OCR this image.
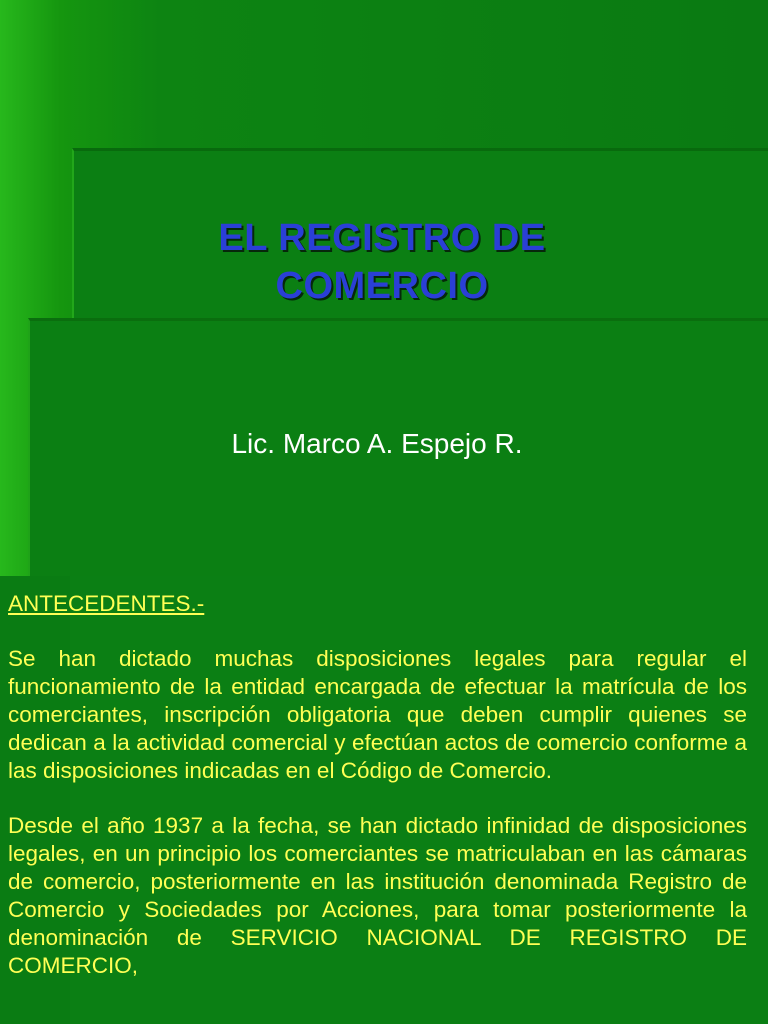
EL REGISTRO DE
COMERCIO
Lic. Marco A. Espejo R.

ANTECEDENTES.-

Se han dictado muchas disposiciones legales para regular el funcionamiento de la entidad encargada de efectuar la matrícula de los comerciantes, inscripción obligatoria que deben cumplir quienes se dedican a la actividad comercial y efectúan actos de comercio conforme a las disposiciones indicadas en el Código de Comercio.

Desde el año 1937 a la fecha, se han dictado infinidad de disposiciones legales, en un principio los comerciantes se matriculaban en las cámaras de comercio, posteriormente en las institución denominada Registro de Comercio y Sociedades por Acciones, para tomar posteriormente la denominación de SERVICIO NACIONAL DE REGISTRO DE COMERCIO,
